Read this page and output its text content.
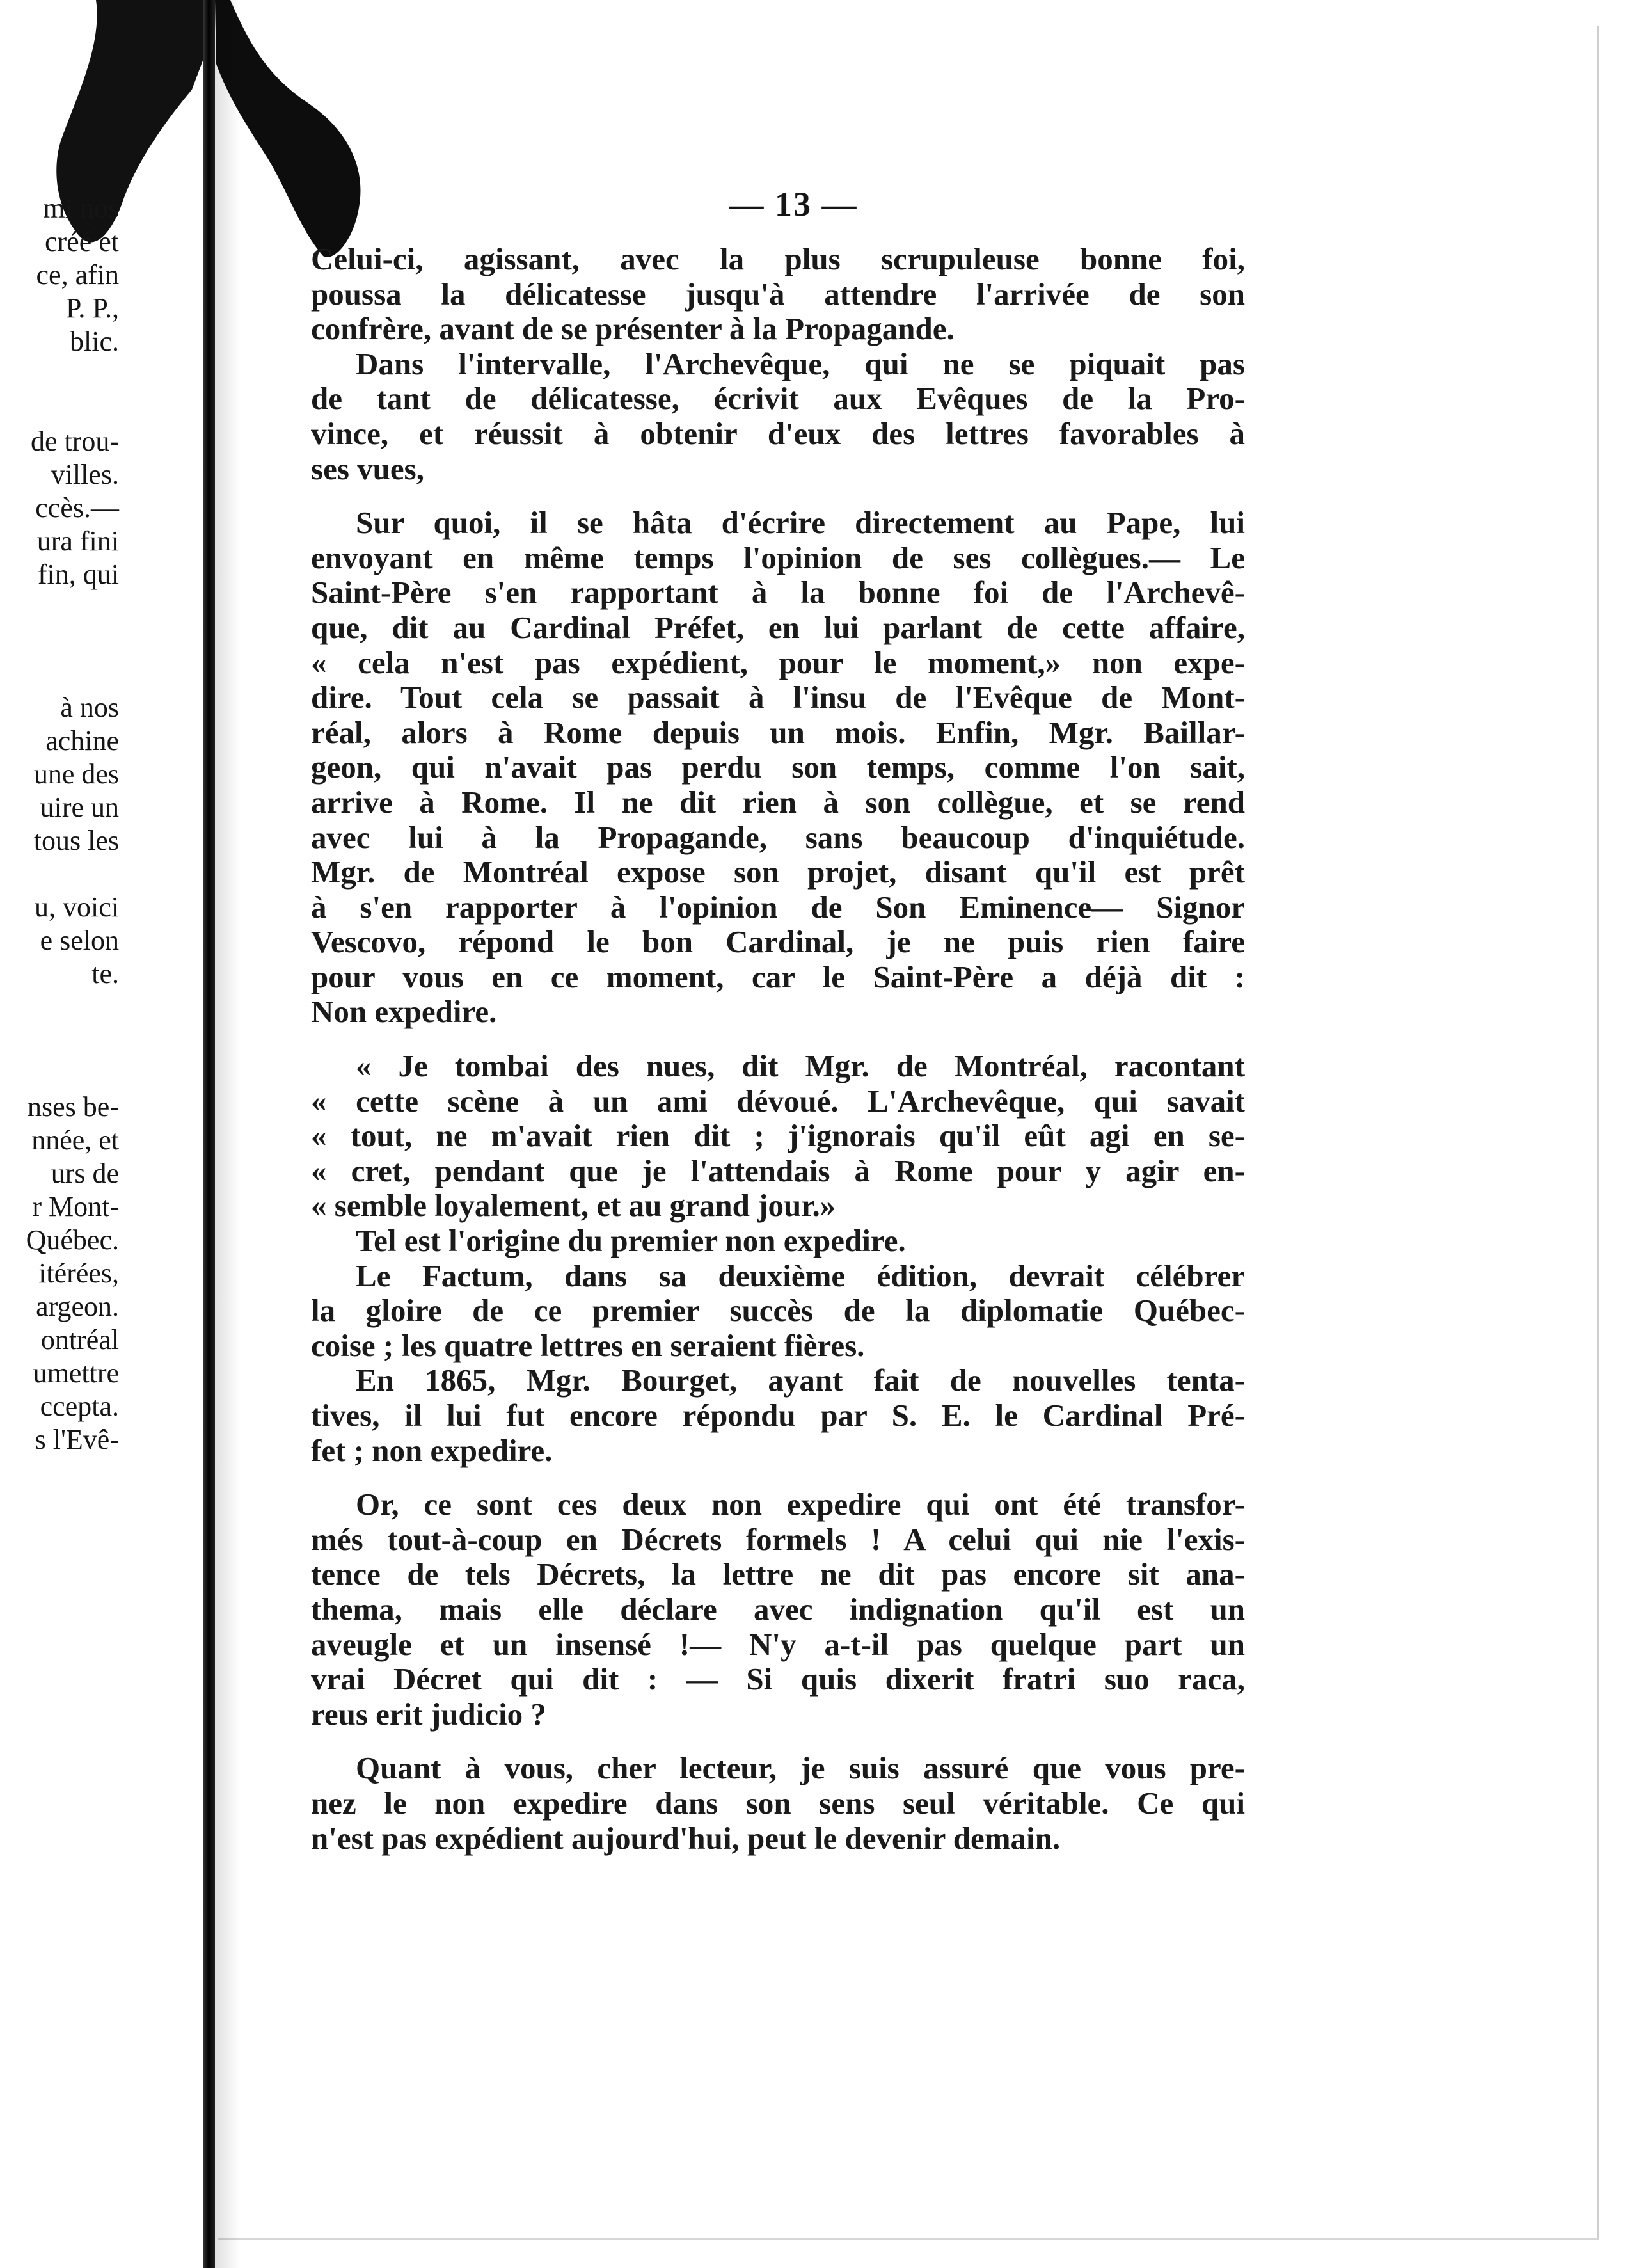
mi nos
créé et
ce, afin
P. P.,
blic.
de trou-
villes.
ccès.—
ura fini
fin, qui
à nos
achine
une des
uire un
tous les
u, voici
e selon
te.
nses be-
nnée, et
urs de
r Mont-
Québec.
itérées,
argeon.
ontréal
umettre
ccepta.
s l'Evê-
— 13 —
Celui-ci, agissant, avec la plus scrupuleuse bonne foi,
poussa la délicatesse jusqu'à attendre l'arrivée de son
confrère, avant de se présenter à la Propagande.
Dans l'intervalle, l'Archevêque, qui ne se piquait pas
de tant de délicatesse, écrivit aux Evêques de la Pro-
vince, et réussit à obtenir d'eux des lettres favorables à
ses vues,
Sur quoi, il se hâta d'écrire directement au Pape, lui
envoyant en même temps l'opinion de ses collègues.— Le
Saint-Père s'en rapportant à la bonne foi de l'Archevê-
que, dit au Cardinal Préfet, en lui parlant de cette affaire,
« cela n'est pas expédient, pour le moment,» non expe-
dire. Tout cela se passait à l'insu de l'Evêque de Mont-
réal, alors à Rome depuis un mois. Enfin, Mgr. Baillar-
geon, qui n'avait pas perdu son temps, comme l'on sait,
arrive à Rome. Il ne dit rien à son collègue, et se rend
avec lui à la Propagande, sans beaucoup d'inquiétude.
Mgr. de Montréal expose son projet, disant qu'il est prêt
à s'en rapporter à l'opinion de Son Eminence— Signor
Vescovo, répond le bon Cardinal, je ne puis rien faire
pour vous en ce moment, car le Saint-Père a déjà dit :
Non expedire.
« Je tombai des nues, dit Mgr. de Montréal, racontant
« cette scène à un ami dévoué. L'Archevêque, qui savait
« tout, ne m'avait rien dit ; j'ignorais qu'il eût agi en se-
« cret, pendant que je l'attendais à Rome pour y agir en-
« semble loyalement, et au grand jour.»
Tel est l'origine du premier non expedire.
Le Factum, dans sa deuxième édition, devrait célébrer
la gloire de ce premier succès de la diplomatie Québec-
coise ; les quatre lettres en seraient fières.
En 1865, Mgr. Bourget, ayant fait de nouvelles tenta-
tives, il lui fut encore répondu par S. E. le Cardinal Pré-
fet ; non expedire.
Or, ce sont ces deux non expedire qui ont été transfor-
més tout-à-coup en Décrets formels ! A celui qui nie l'exis-
tence de tels Décrets, la lettre ne dit pas encore sit ana-
thema, mais elle déclare avec indignation qu'il est un
aveugle et un insensé !— N'y a-t-il pas quelque part un
vrai Décret qui dit : — Si quis dixerit fratri suo raca,
reus erit judicio ?
Quant à vous, cher lecteur, je suis assuré que vous pre-
nez le non expedire dans son sens seul véritable. Ce qui
n'est pas expédient aujourd'hui, peut le devenir demain.
